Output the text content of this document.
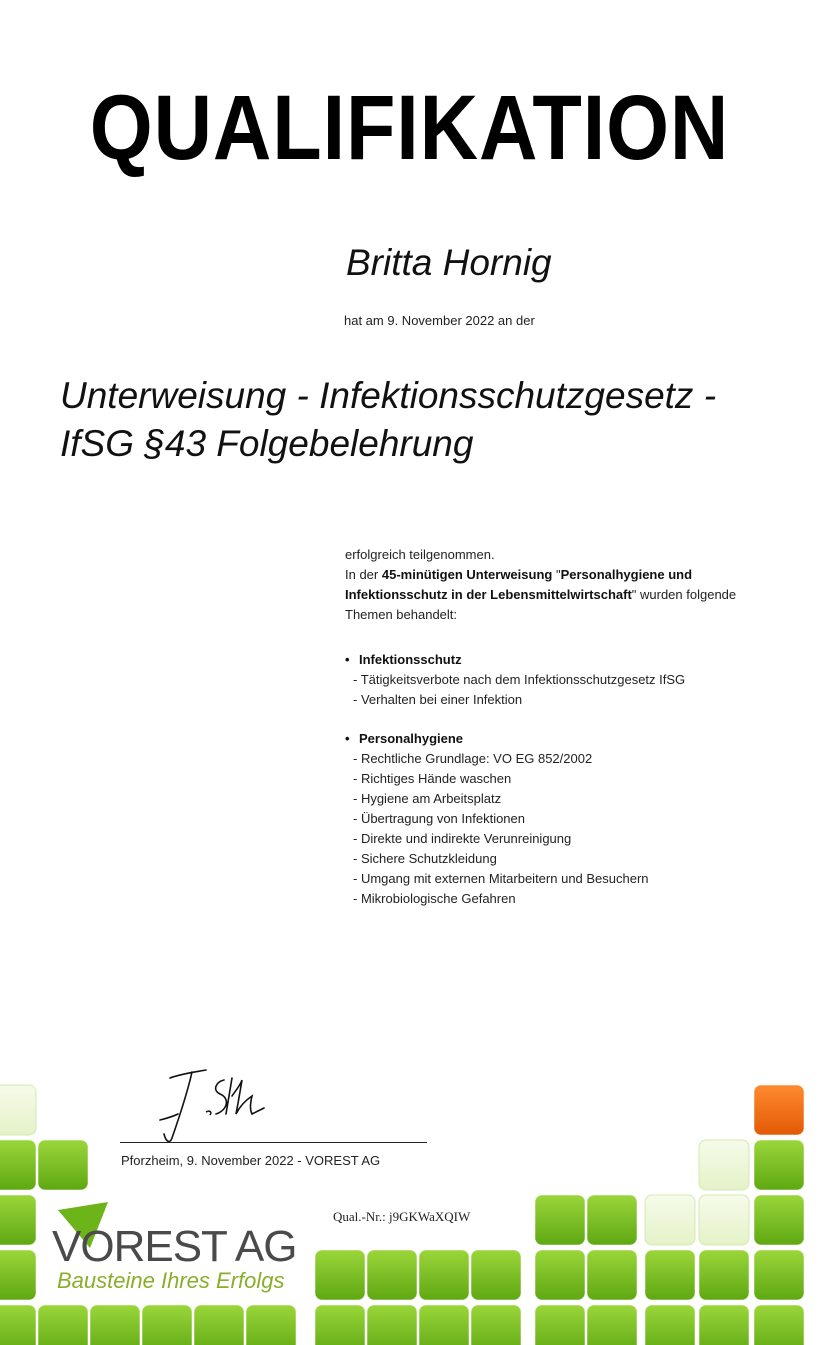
QUALIFIKATION
Britta Hornig
hat am 9. November 2022 an der
Unterweisung - Infektionsschutzgesetz -
IfSG §43 Folgebelehrung

erfolgreich teilgenommen.

In der 45-minütigen Unterweisung "Personalhygiene und Infektionsschutz in der Lebensmittelwirtschaft" wurden folgende Themen behandelt:

• Infektionsschutz
- Tätigkeitsverbote nach dem Infektionsschutzgesetz IfSG
- Verhalten bei einer Infektion
• Personalhygiene
- Rechtliche Grundlage: VO EG 852/2002
- Richtiges Hände waschen
- Hygiene am Arbeitsplatz
- Übertragung von Infektionen
- Direkte und indirekte Verunreinigung
- Sichere Schutzkleidung
- Umgang mit externen Mitarbeitern und Besuchern
- Mikrobiologische Gefahren
Pforzheim, 9. November 2022 - VOREST AG
Qual.-Nr.: j9GKWaXQIW
VOREST AG
Bausteine Ihres Erfolgs
